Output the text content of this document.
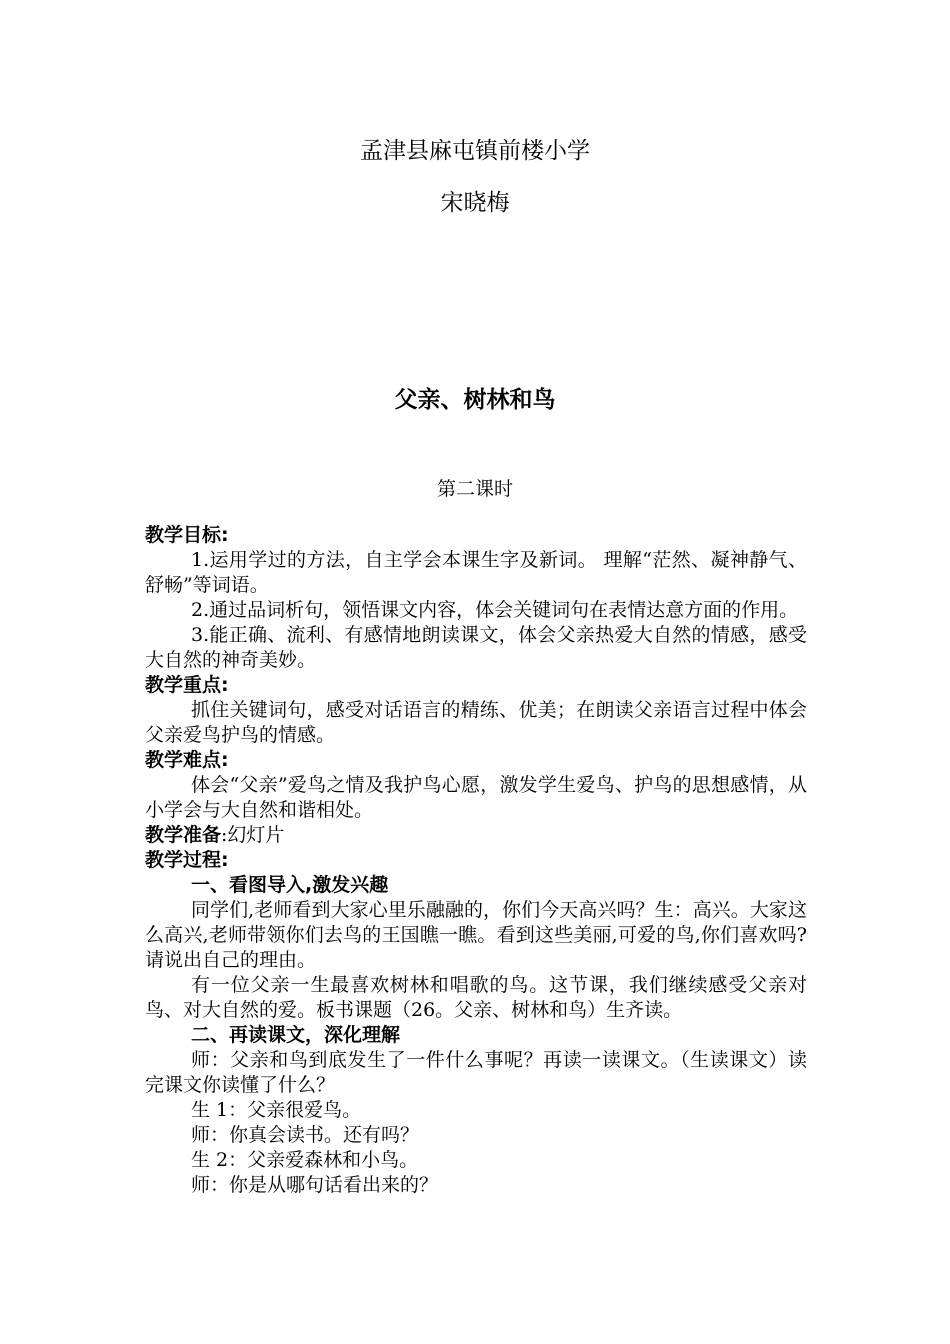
孟津县麻屯镇前楼小学
宋晓梅
父亲、树林和鸟
第二课时
教学目标:
1.运用学过的方法，自主学会本课生字及新词。 理解“茫然、凝神静气、舒畅”等词语。
2.通过品词析句，领悟课文内容，体会关键词句在表情达意方面的作用。
3.能正确、流利、有感情地朗读课文，体会父亲热爱大自然的情感，感受大自然的神奇美妙。
教学重点:
抓住关键词句，感受对话语言的精练、优美；在朗读父亲语言过程中体会父亲爱鸟护鸟的情感。
教学难点:
体会“父亲”爱鸟之情及我护鸟心愿，激发学生爱鸟、护鸟的思想感情，从小学会与大自然和谐相处。
教学准备:幻灯片
教学过程:
一、看图导入,激发兴趣
同学们,老师看到大家心里乐融融的，你们今天高兴吗？生：高兴。大家这么高兴,老师带领你们去鸟的王国瞧一瞧。看到这些美丽,可爱的鸟,你们喜欢吗?请说出自己的理由。
有一位父亲一生最喜欢树林和唱歌的鸟。这节课，我们继续感受父亲对鸟、对大自然的爱。板书课题（26。父亲、树林和鸟）生齐读。
二、再读课文，深化理解
师：父亲和鸟到底发生了一件什么事呢？再读一读课文。（生读课文）读完课文你读懂了什么？
生 1：父亲很爱鸟。
师：你真会读书。还有吗？
生 2：父亲爱森林和小鸟。
师：你是从哪句话看出来的？
